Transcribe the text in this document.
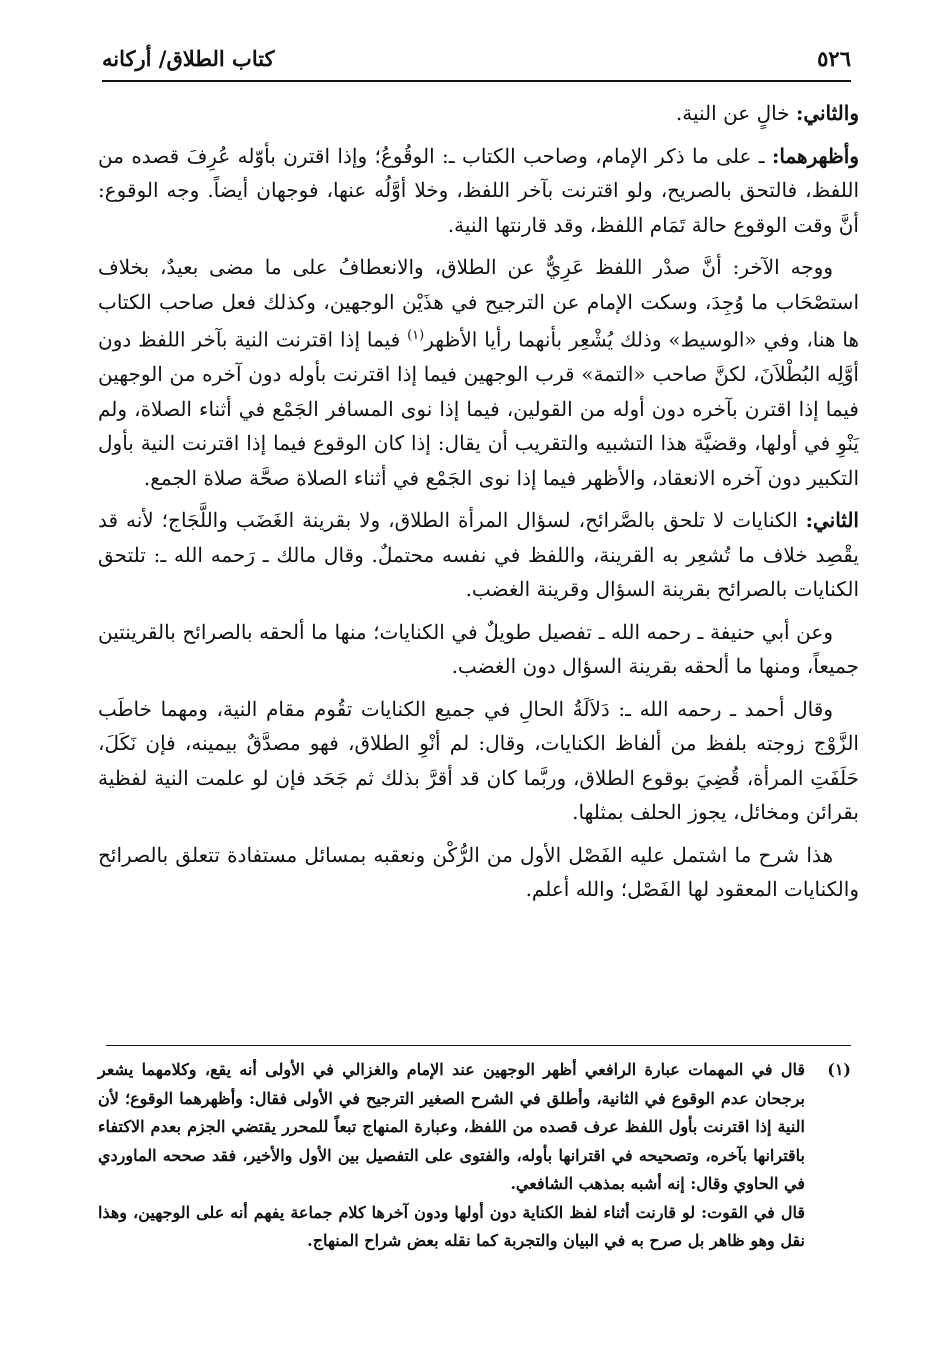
٥٢٦
كتاب الطلاق/ أركانه

والثاني: خالٍ عن النية.

وأظهرهما: ـ على ما ذكر الإمام، وصاحب الكتاب ـ: الوقُوعُ؛ وإذا اقترن بأوّله عُرِفَ قصده من اللفظ، فالتحق بالصريح، ولو اقترنت بآخر اللفظ، وخلا أوَّلُه عنها، فوجهان أيضاً. وجه الوقوع: أنَّ وقت الوقوع حالة تَمَام اللفظ، وقد قارنتها النية.

ووجه الآخر: أنَّ صدْر اللفظ عَرِيٌّ عن الطلاق، والانعطافُ على ما مضى بعيدٌ، بخلاف استصْحَاب ما وُجِدَ، وسكت الإمام عن الترجيح في هذَيْن الوجهين، وكذلك فعل صاحب الكتاب ها هنا، وفي «الوسيط» وذلك يُشْعِر بأنهما رأيا الأظهر$^{(١)}$ فيما إذا اقترنت النية بآخر اللفظ دون أوَّلِه البُطْلاَنَ، لكنَّ صاحب «التمة» قرب الوجهين فيما إذا اقترنت بأوله دون آخره من الوجهين فيما إذا اقترن بآخره دون أوله من القولين، فيما إذا نوى المسافر الجَمْع في أثناء الصلاة، ولم يَنْوِ في أولها، وقضيَّة هذا التشبيه والتقريب أن يقال: إذا كان الوقوع فيما إذا اقترنت النية بأول التكبير دون آخره الانعقاد، والأظهر فيما إذا نوى الجَمْع في أثناء الصلاة صحَّة صلاة الجمع.

الثاني: الكنايات لا تلحق بالصَّرائح، لسؤال المرأة الطلاق، ولا بقرينة الغَضَب واللَّجَاج؛ لأنه قد يقْصِد خلاف ما تُشعِر به القرينة، واللفظ في نفسه محتملٌ. وقال مالك ـ رَحمه الله ـ: تلتحق الكنايات بالصرائح بقرينة السؤال وقرينة الغضب.

وعن أبي حنيفة ـ رحمه الله ـ تفصيل طويلٌ في الكنايات؛ منها ما ألحقه بالصرائح بالقرينتين جميعاً، ومنها ما ألحقه بقرينة السؤال دون الغضب.

وقال أحمد ـ رحمه الله ـ: دَلاَلَةُ الحالِ في جميع الكنايات تقُوم مقام النية، ومهما خاطَب الزَّوْج زوجته بلفظ من ألفاظ الكنايات، وقال: لم أنْوِ الطلاق، فهو مصدَّقٌ بيمينه، فإن نَكَلَ، حَلَفَتِ المرأة، قُضِيَ بوقوع الطلاق، وربَّما كان قد أقرَّ بذلك ثم جَحَد فإن لو علمت النية لفظية بقرائن ومخائل، يجوز الحلف بمثلها.

هذا شرح ما اشتمل عليه الفَصْل الأول من الرُّكْن ونعقبه بمسائل مستفادة تتعلق بالصرائح والكنايات المعقود لها الفَصْل؛ والله أعلم.

(١)

قال في المهمات عبارة الرافعي أظهر الوجهين عند الإمام والغزالي في الأولى أنه يقع، وكلامهما يشعر برجحان عدم الوقوع في الثانية، وأطلق في الشرح الصغير الترجيح في الأولى فقال: وأظهرهما الوقوع؛ لأن النية إذا اقترنت بأول اللفظ عرف قصده من اللفظ، وعبارة المنهاج تبعاً للمحرر يقتضي الجزم بعدم الاكتفاء باقترانها بآخره، وتصحيحه في اقترانها بأوله، والفتوى على التفصيل بين الأول والأخير، فقد صححه الماوردي في الحاوي وقال: إنه أشبه بمذهب الشافعي.

قال في القوت: لو قارنت أثناء لفظ الكناية دون أولها ودون آخرها كلام جماعة يفهم أنه على الوجهين، وهذا نقل وهو ظاهر بل صرح به في البيان والتجربة كما نقله بعض شراح المنهاج.
